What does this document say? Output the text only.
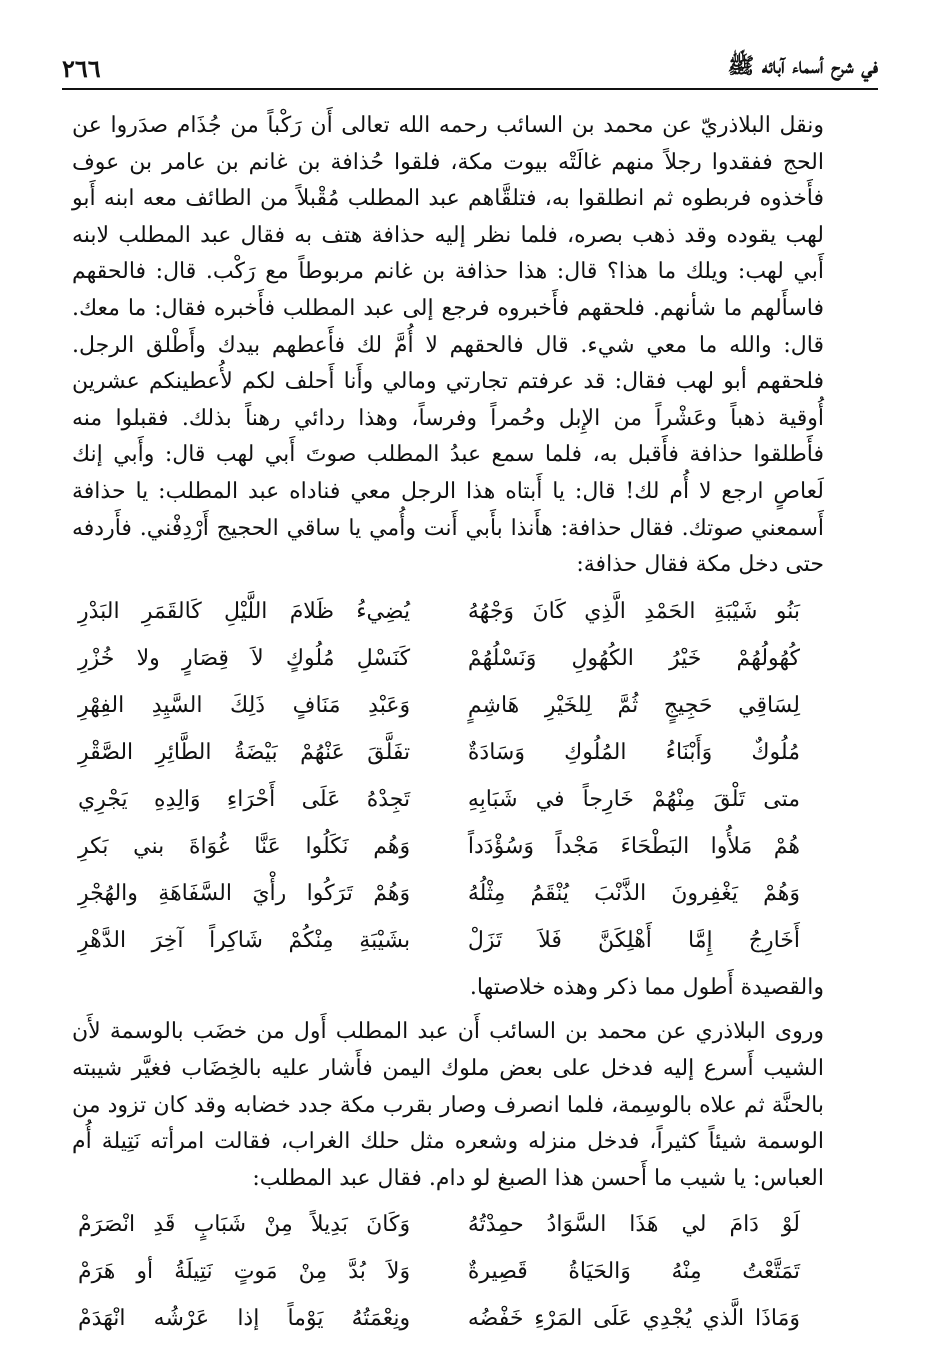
في شرح أسماء آبائه ﷺ
٢٦٦

ونقل البلاذريّ عن محمد بن السائب رحمه الله تعالى أَن رَكْباً من جُذَام صدَروا عن الحج ففقدوا رجلاً منهم غالَتْه بيوت مكة، فلقوا حُذافة بن غانم بن عامر بن عوف فأَخذوه فربطوه ثم انطلقوا به، فتلقَّاهم عبد المطلب مُقْبلاً من الطائف معه ابنه أَبو لهب يقوده وقد ذهب بصره، فلما نظر إليه حذافة هتف به فقال عبد المطلب لابنه أَبي لهب: ويلك ما هذا؟ قال: هذا حذافة بن غانم مربوطاً مع رَكْب. قال: فالحقهم فاسأَلهم ما شأنهم. فلحقهم فأَخبروه فرجع إلى عبد المطلب فأَخبره فقال: ما معك. قال: والله ما معي شيء. قال فالحقهم لا أُمَّ لك فأَعطهم بيدك وأَطْلق الرجل. فلحقهم أبو لهب فقال: قد عرفتم تجارتي ومالي وأَنا أَحلف لكم لأُعطينكم عشرين أُوقية ذهباً وعَشْراً من الإِبل وحُمراً وفرساً، وهذا ردائي رهناً بذلك. فقبلوا منه فأَطلقوا حذافة فأَقبل به، فلما سمع عبدُ المطلب صوتَ أَبي لهب قال: وأَبي إنك لَعاصٍ ارجع لا أُم لك! قال: يا أَبتاه هذا الرجل معي فناداه عبد المطلب: يا حذافة أَسمعني صوتك. فقال حذافة: هأَنذا بأَبي أَنت وأُمي يا ساقي الحجيج أَرْدِفْني. فأَردفه حتى دخل مكة فقال حذافة:

بَنُو شَيْبَةِ الحَمْدِ الَّذِي كَانَ وَجْهُهُ
يُضِيءُ ظَلامَ اللَّيْلِ كَالقَمَرِ البَدْرِ
كُهُولُهُمْ خَيْرُ الكُهُولِ وَنَسْلُهُمْ
كَنَسْلِ مُلُوكٍ لاَ قِصَارٍ ولا خُزْرِ
لِسَاقِي حَجِيجٍ ثُمَّ لِلخَيْرِ هَاشِمٍ
وَعَبْدِ مَنَافٍ ذَلِكَ السَّيِدِ الفِهْرِ
مُلُوكٌ وَأَبْنَاءُ المُلُوكِ وَسَادَةٌ
تفَلَّقَ عَنْهُمْ بَيْضَةُ الطَّائِرِ الصَّقْرِ
متى تَلْقَ مِنْهُمْ خَارِجاً في شَبَابِهِ
تَجِدْهُ عَلَى أَحْرَاءِ وَالِدِهِ يَجْرِي
هُمْ مَلأُوا البَطْحَاءَ مَجْداً وَسُؤْدَداً
وَهُم نَكَلُوا عَنَّا غُوَاةَ بني بَكرِ
وَهُمْ يَغْفِرونَ الذَّنْبَ يُنْقَمُ مِثْلُهُ
وَهُمْ تَرَكُوا رأْيَ السَّفَاهَةِ والهُجْرِ
أَخَارِجُ إِمَّا أَهْلِكَنَّ فَلاَ تَزَلْ
بشَيْبَةِ مِنْكُمْ شَاكِراً آخِرَ الدَّهْرِ

والقصيدة أَطول مما ذكر وهذه خلاصتها.

وروى البلاذري عن محمد بن السائب أَن عبد المطلب أَول من خضَب بالوسمة لأَن الشيب أَسرع إليه فدخل على بعض ملوك اليمن فأَشار عليه بالخِضَاب فغيَّر شيبته بالحنَّة ثم علاه بالوسِمة، فلما انصرف وصار بقرب مكة جدد خضابه وقد كان تزود من الوسمة شيئاً كثيراً، فدخل منزله وشعره مثل حلك الغراب، فقالت امرأته نَتِيلة أُم العباس: يا شيب ما أَحسن هذا الصبغ لو دام. فقال عبد المطلب:

لَوْ دَامَ لي هَذَا السَّوَادُ حمِدْتُهُ
وَكَانَ بَدِيلاً مِنْ شَبَابٍ قَدِ انْصَرَمْ
تَمَتَّعْتُ مِنْهُ وَالحَيَاةُ قَصِيرةٌ
وَلاَ بُدَّ مِنْ مَوتٍ نَتِيلَةُ أو هَرَمْ
وَمَاذَا الَّذي يُجْدِي عَلَى المَرْءِ خَفْضُه
ونِعْمَتُهُ يَوْماً إذا عَرْشُه انْهَدَمْ
